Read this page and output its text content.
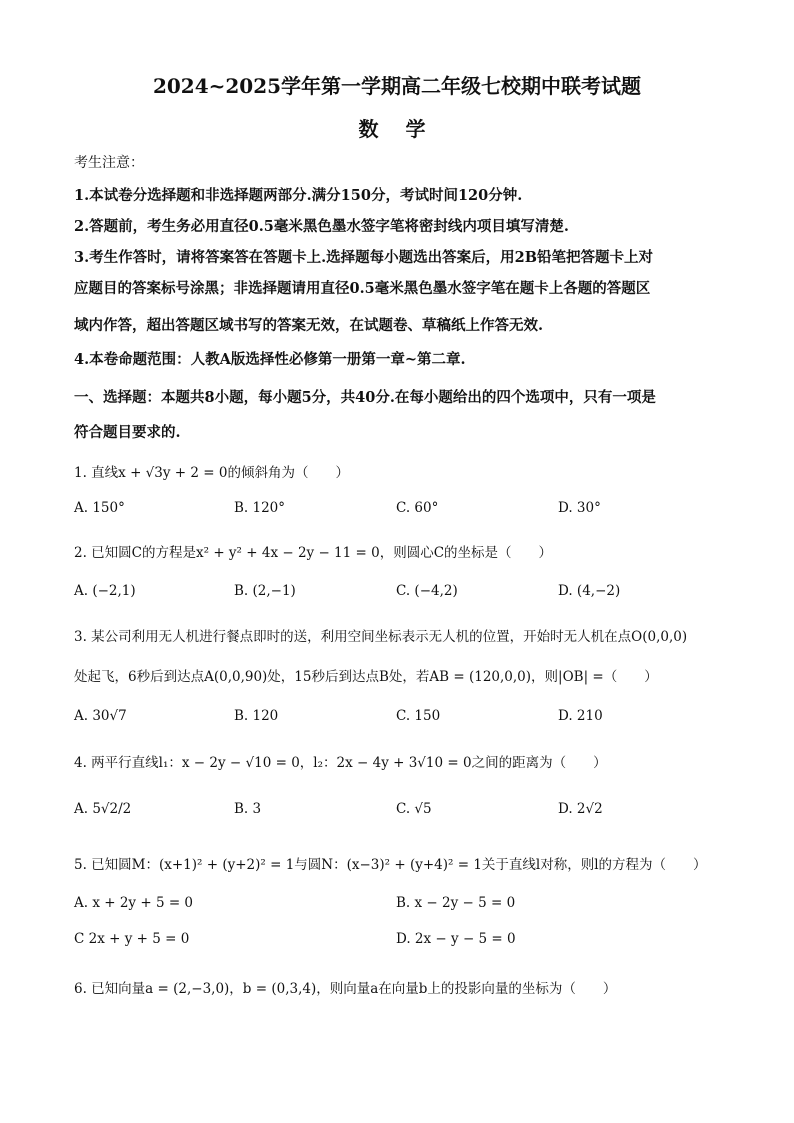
2024~2025学年第一学期高二年级七校期中联考试题
数 学
考生注意：
1.本试卷分选择题和非选择题两部分.满分150分，考试时间120分钟.
2.答题前，考生务必用直径0.5毫米黑色墨水签字笔将密封线内项目填写清楚.
3.考生作答时，请将答案答在答题卡上.选择题每小题选出答案后，用2B铅笔把答题卡上对
应题目的答案标号涂黑；非选择题请用直径0.5毫米黑色墨水签字笔在题卡上各题的答题区
域内作答，超出答题区域书写的答案无效，在试题卷、草稿纸上作答无效.
4.本卷命题范围：人教A版选择性必修第一册第一章~第二章.
一、选择题：本题共8小题，每小题5分，共40分.在每小题给出的四个选项中，只有一项是
符合题目要求的.
1. 直线x + √3y + 2 = 0的倾斜角为（　　）
A. 150°	B. 120°	C. 60°	D. 30°
2. 已知圆C的方程是x² + y² + 4x − 2y − 11 = 0，则圆心C的坐标是（　　）
A. (−2,1)	B. (2,−1)	C. (−4,2)	D. (4,−2)
3. 某公司利用无人机进行餐点即时的送，利用空间坐标表示无人机的位置，开始时无人机在点O(0,0,0)
处起飞，6秒后到达点A(0,0,90)处，15秒后到达点B处，若AB = (120,0,0)，则|OB| =（　　）
A. 30√7	B. 120	C. 150	D. 210
4. 两平行直线l₁：x − 2y − √10 = 0，l₂：2x − 4y + 3√10 = 0之间的距离为（　　）
A. 5√2/2	B. 3	C. √5	D. 2√2
5. 已知圆M：(x+1)² + (y+2)² = 1与圆N：(x−3)² + (y+4)² = 1关于直线l对称，则l的方程为（　　）
A. x + 2y + 5 = 0	B. x − 2y − 5 = 0
C 2x + y + 5 = 0	D. 2x − y − 5 = 0
6. 已知向量a = (2,−3,0)，b = (0,3,4)，则向量a在向量b上的投影向量的坐标为（　　）
